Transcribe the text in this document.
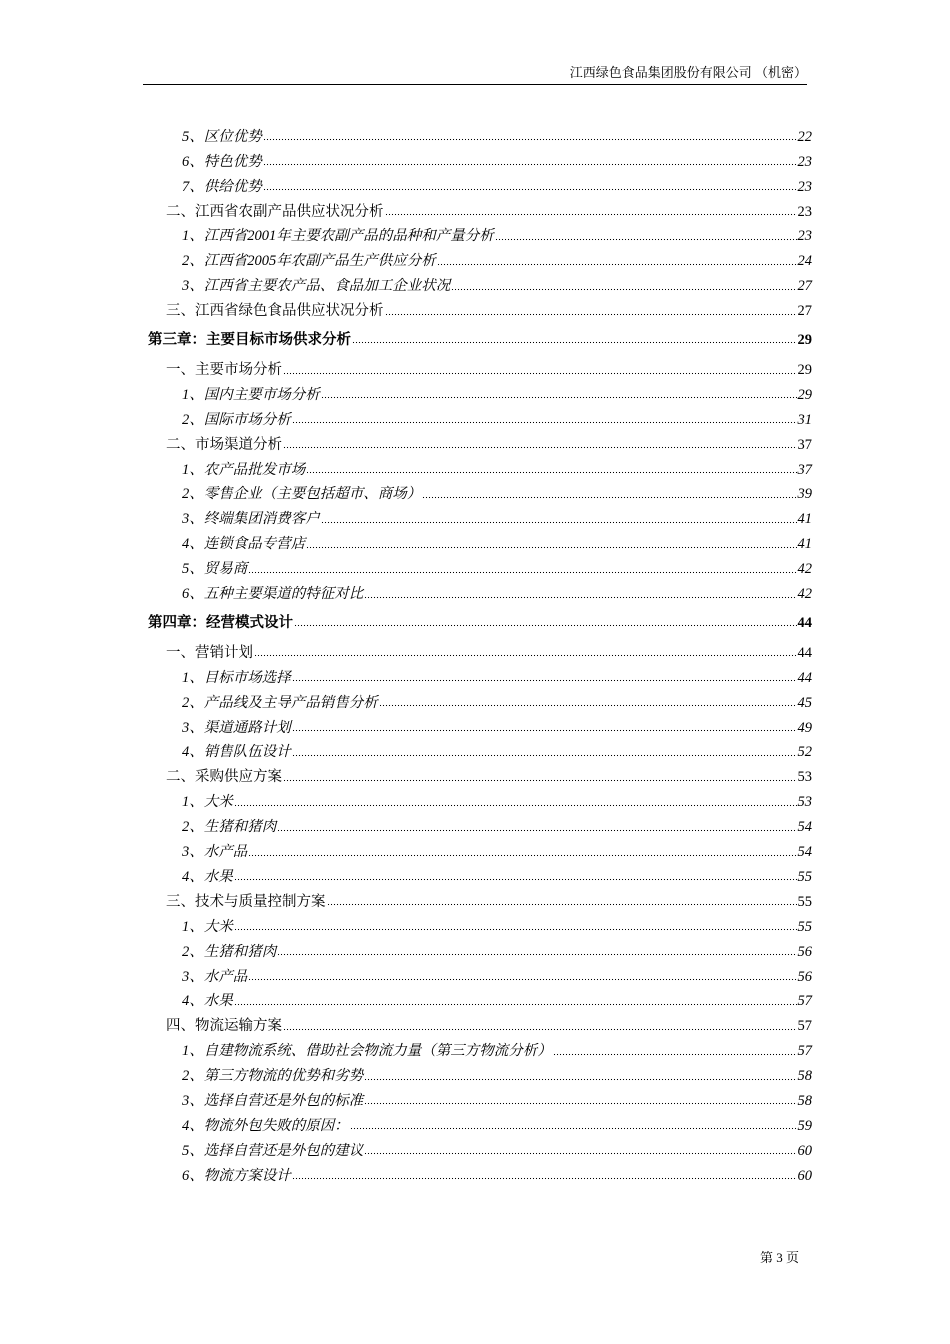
江西绿色食品集团股份有限公司 （机密）
5、区位优势	22
6、特色优势	23
7、供给优势	23
二、江西省农副产品供应状况分析	23
1、江西省2001年主要农副产品的品种和产量分析	23
2、江西省2005年农副产品生产供应分析	24
3、江西省主要农产品、食品加工企业状况	27
三、江西省绿色食品供应状况分析	27
第三章：主要目标市场供求分析	29
一、主要市场分析	29
1、国内主要市场分析	29
2、国际市场分析	31
二、市场渠道分析	37
1、农产品批发市场	37
2、零售企业（主要包括超市、商场）	39
3、终端集团消费客户	41
4、连锁食品专营店	41
5、贸易商	42
6、五种主要渠道的特征对比	42
第四章：经营模式设计	44
一、营销计划	44
1、目标市场选择	44
2、产品线及主导产品销售分析	45
3、渠道通路计划	49
4、销售队伍设计	52
二、采购供应方案	53
1、大米	53
2、生猪和猪肉	54
3、水产品	54
4、水果	55
三、技术与质量控制方案	55
1、大米	55
2、生猪和猪肉	56
3、水产品	56
4、水果	57
四、物流运输方案	57
1、自建物流系统、借助社会物流力量（第三方物流分析）	57
2、第三方物流的优势和劣势	58
3、选择自营还是外包的标准	58
4、物流外包失败的原因：	59
5、选择自营还是外包的建议	60
6、物流方案设计	60
第 3 页
